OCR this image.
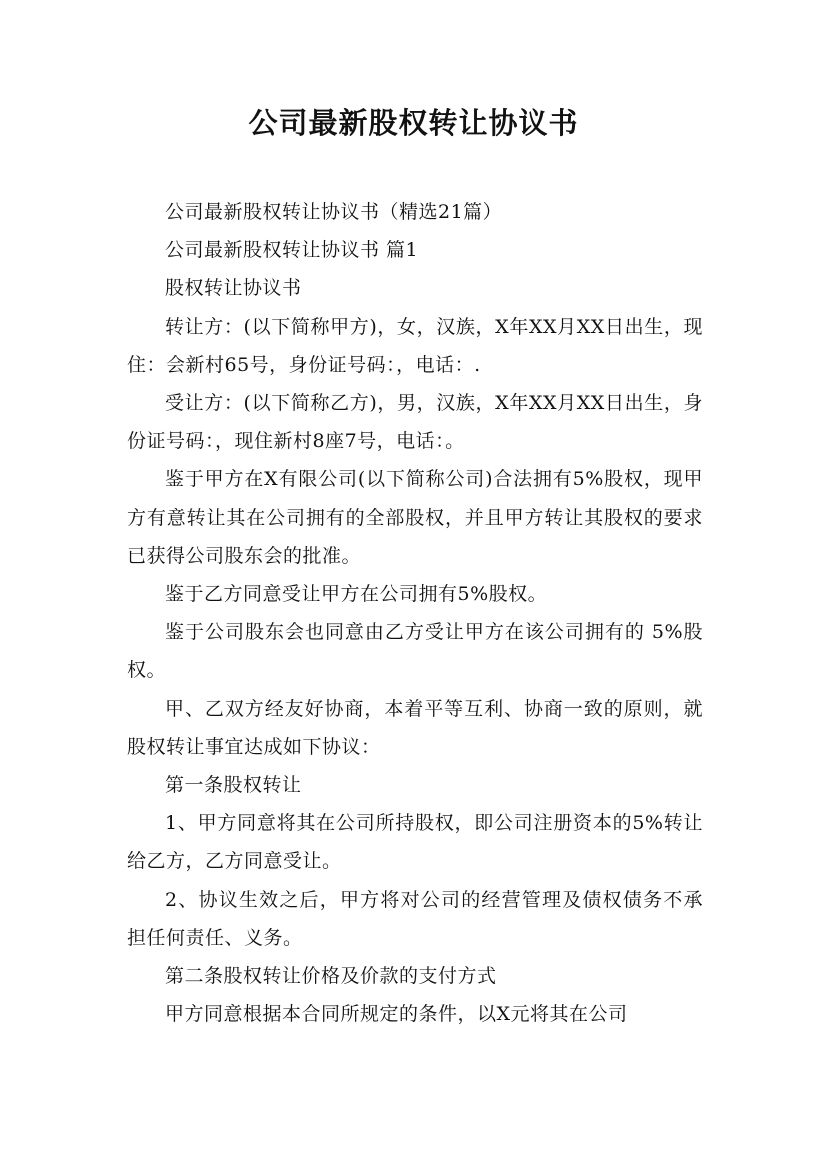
公司最新股权转让协议书

公司最新股权转让协议书（精选21篇）

公司最新股权转让协议书 篇1

股权转让协议书

转让方：(以下简称甲方)，女，汉族，X年XX月XX日出生，现住：会新村65号，身份证号码：，电话：.

受让方：(以下简称乙方)，男，汉族，X年XX月XX日出生，身份证号码：，现住新村8座7号，电话：。

鉴于甲方在X有限公司(以下简称公司)合法拥有5%股权，现甲方有意转让其在公司拥有的全部股权，并且甲方转让其股权的要求已获得公司股东会的批准。

鉴于乙方同意受让甲方在公司拥有5%股权。

鉴于公司股东会也同意由乙方受让甲方在该公司拥有的 5%股权。

甲、乙双方经友好协商，本着平等互利、协商一致的原则，就股权转让事宜达成如下协议：

第一条股权转让

1、甲方同意将其在公司所持股权，即公司注册资本的5%转让给乙方，乙方同意受让。

2、协议生效之后，甲方将对公司的经营管理及债权债务不承担任何责任、义务。

第二条股权转让价格及价款的支付方式

甲方同意根据本合同所规定的条件，以X元将其在公司
